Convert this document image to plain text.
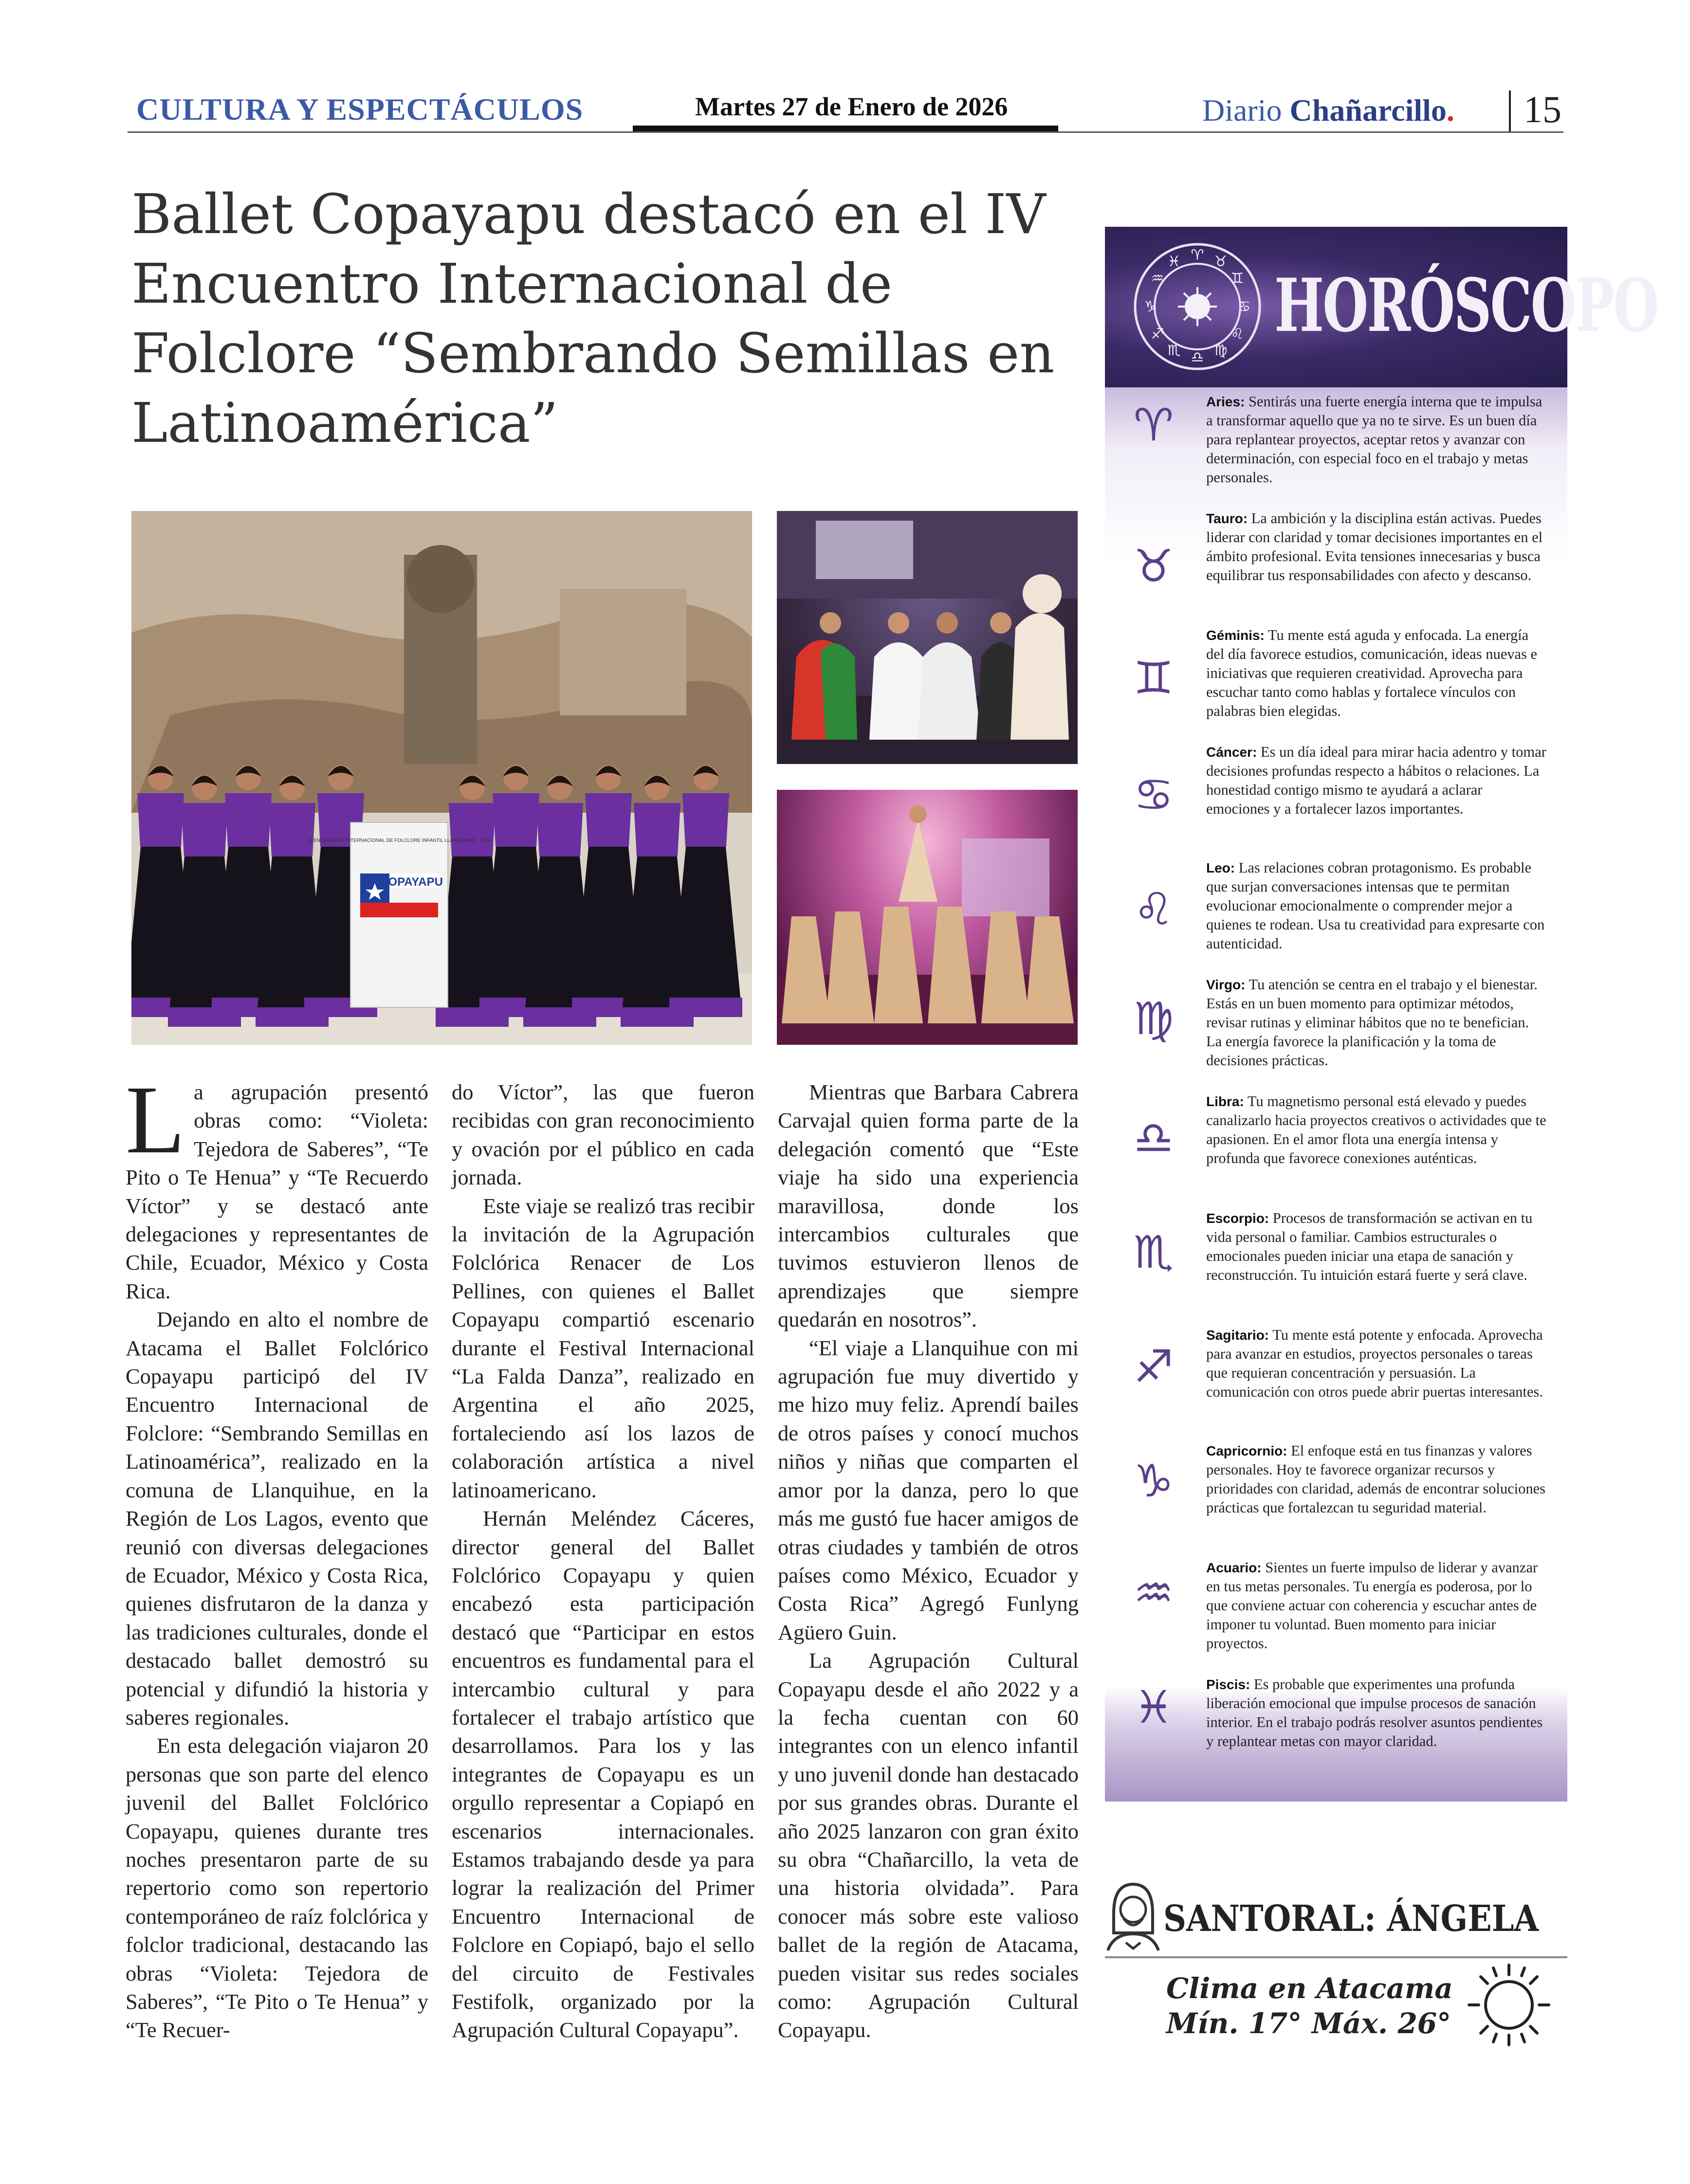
CULTURA Y ESPECTÁCULOS	Martes 27 de Enero de 2026	Diario Chañarcillo. 15
Ballet Copayapu destacó en el IV Encuentro Internacional de Folclore “Sembrando Semillas en Latinoamérica”
IV ENCUENTRO INTERNACIONAL DE FOLCLORE INFANTIL LLANQUIHUE · 2026
COPAYAPU
L a agrupación presentó obras como: “Violeta: Tejedora de Saberes”, “Te Pito o Te Henua” y “Te Recuerdo Víctor” y se destacó ante delegaciones y representantes de Chile, Ecuador, México y Costa Rica.

Dejando en alto el nombre de Atacama el Ballet Folclórico Copayapu participó del IV Encuentro Internacional de Folclore: “Sembrando Semillas en Latinoamérica”, realizado en la comuna de Llanquihue, en la Región de Los Lagos, evento que reunió con diversas delegaciones de Ecuador, México y Costa Rica, quienes disfrutaron de la danza y las tradiciones culturales, donde el destacado ballet demostró su potencial y difundió la historia y saberes regionales.

En esta delegación viajaron 20 personas que son parte del elenco juvenil del Ballet Folclórico Copayapu, quienes durante tres noches presentaron parte de su repertorio como son repertorio contemporáneo de raíz folclórica y folclor tradicional, destacando las obras “Violeta: Tejedora de Saberes”, “Te Pito o Te Henua” y “Te Recuer-

do Víctor”, las que fueron recibidas con gran reconocimiento y ovación por el público en cada jornada.

Este viaje se realizó tras recibir la invitación de la Agrupación Folclórica Renacer de Los Pellines, con quienes el Ballet Copayapu compartió escenario durante el Festival Internacional “La Falda Danza”, realizado en Argentina el año 2025, fortaleciendo así los lazos de colaboración artística a nivel latinoamericano.

Hernán Meléndez Cáceres, director general del Ballet Folclórico Copayapu y quien encabezó esta participación destacó que “Participar en estos encuentros es fundamental para el intercambio cultural y para fortalecer el trabajo artístico que desarrollamos. Para los y las integrantes de Copayapu es un orgullo representar a Copiapó en escenarios internacionales. Estamos trabajando desde ya para lograr la realización del Primer Encuentro Internacional de Folclore en Copiapó, bajo el sello del circuito de Festivales Festifolk, organizado por la Agrupación Cultural Copayapu”.

Mientras que Barbara Cabrera Carvajal quien forma parte de la delegación comentó que “Este viaje ha sido una experiencia maravillosa, donde los intercambios culturales que tuvimos estuvieron llenos de aprendizajes que siempre quedarán en nosotros”.

“El viaje a Llanquihue con mi agrupación fue muy divertido y me hizo muy feliz. Aprendí bailes de otros países y conocí muchos niños y niñas que comparten el amor por la danza, pero lo que más me gustó fue hacer amigos de otras ciudades y también de otros países como México, Ecuador y Costa Rica” Agregó Funlyng Agüero Guin.

La Agrupación Cultural Copayapu desde el año 2022 y a la fecha cuentan con 60 integrantes con un elenco infantil y uno juvenil donde han destacado por sus grandes obras. Durante el año 2025 lanzaron con gran éxito su obra “Chañarcillo, la veta de una historia olvidada”. Para conocer más sobre este valioso ballet de la región de Atacama, pueden visitar sus redes sociales como: Agrupación Cultural Copayapu.

♈ ♉
♊
♋
♌
♍
♎
♏
♐
♑
♒
♓
HORÓSCOPO
♈	Aries: Sentirás una fuerte energía interna que te impulsa a transformar aquello que ya no te sirve. Es un buen día para replantear proyectos, aceptar retos y avanzar con determinación, con especial foco en el trabajo y metas personales.
♉
Tauro: La ambición y la disciplina están activas. Puedes liderar con claridad y tomar decisiones importantes en el ámbito profesional. Evita tensiones innecesarias y busca equilibrar tus responsabilidades con afecto y descanso.
♊
Géminis: Tu mente está aguda y enfocada. La energía del día favorece estudios, comunicación, ideas nuevas e iniciativas que requieren creatividad. Aprovecha para escuchar tanto como hablas y fortalece vínculos con palabras bien elegidas.
♋
Cáncer: Es un día ideal para mirar hacia adentro y tomar decisiones profundas respecto a hábitos o relaciones. La honestidad contigo mismo te ayudará a aclarar emociones y a fortalecer lazos importantes.
♌
Leo: Las relaciones cobran protagonismo. Es probable que surjan conversaciones intensas que te permitan evolucionar emocionalmente o comprender mejor a quienes te rodean. Usa tu creatividad para expresarte con autenticidad.
♍
Virgo: Tu atención se centra en el trabajo y el bienestar. Estás en un buen momento para optimizar métodos, revisar rutinas y eliminar hábitos que no te benefician. La energía favorece la planificación y la toma de decisiones prácticas.
♎
Libra: Tu magnetismo personal está elevado y puedes canalizarlo hacia proyectos creativos o actividades que te apasionen. En el amor flota una energía intensa y profunda que favorece conexiones auténticas.
♏
Escorpio: Procesos de transformación se activan en tu vida personal o familiar. Cambios estructurales o emocionales pueden iniciar una etapa de sanación y reconstrucción. Tu intuición estará fuerte y será clave.
♐
Sagitario: Tu mente está potente y enfocada. Aprovecha para avanzar en estudios, proyectos personales o tareas que requieran concentración y persuasión. La comunicación con otros puede abrir puertas interesantes.
♑
Capricornio: El enfoque está en tus finanzas y valores personales. Hoy te favorece organizar recursos y prioridades con claridad, además de encontrar soluciones prácticas que fortalezcan tu seguridad material.
♒	Acuario: Sientes un fuerte impulso de liderar y avanzar en tus metas personales. Tu energía es poderosa, por lo que conviene actuar con coherencia y escuchar antes de imponer tu voluntad. Buen momento para iniciar proyectos.
♓	Piscis: Es probable que experimentes una profunda liberación emocional que impulse procesos de sanación interior. En el trabajo podrás resolver asuntos pendientes y replantear metas con mayor claridad.
SANTORAL: ÁNGELA
Clima en Atacama
Mín. 17° Máx. 26°
